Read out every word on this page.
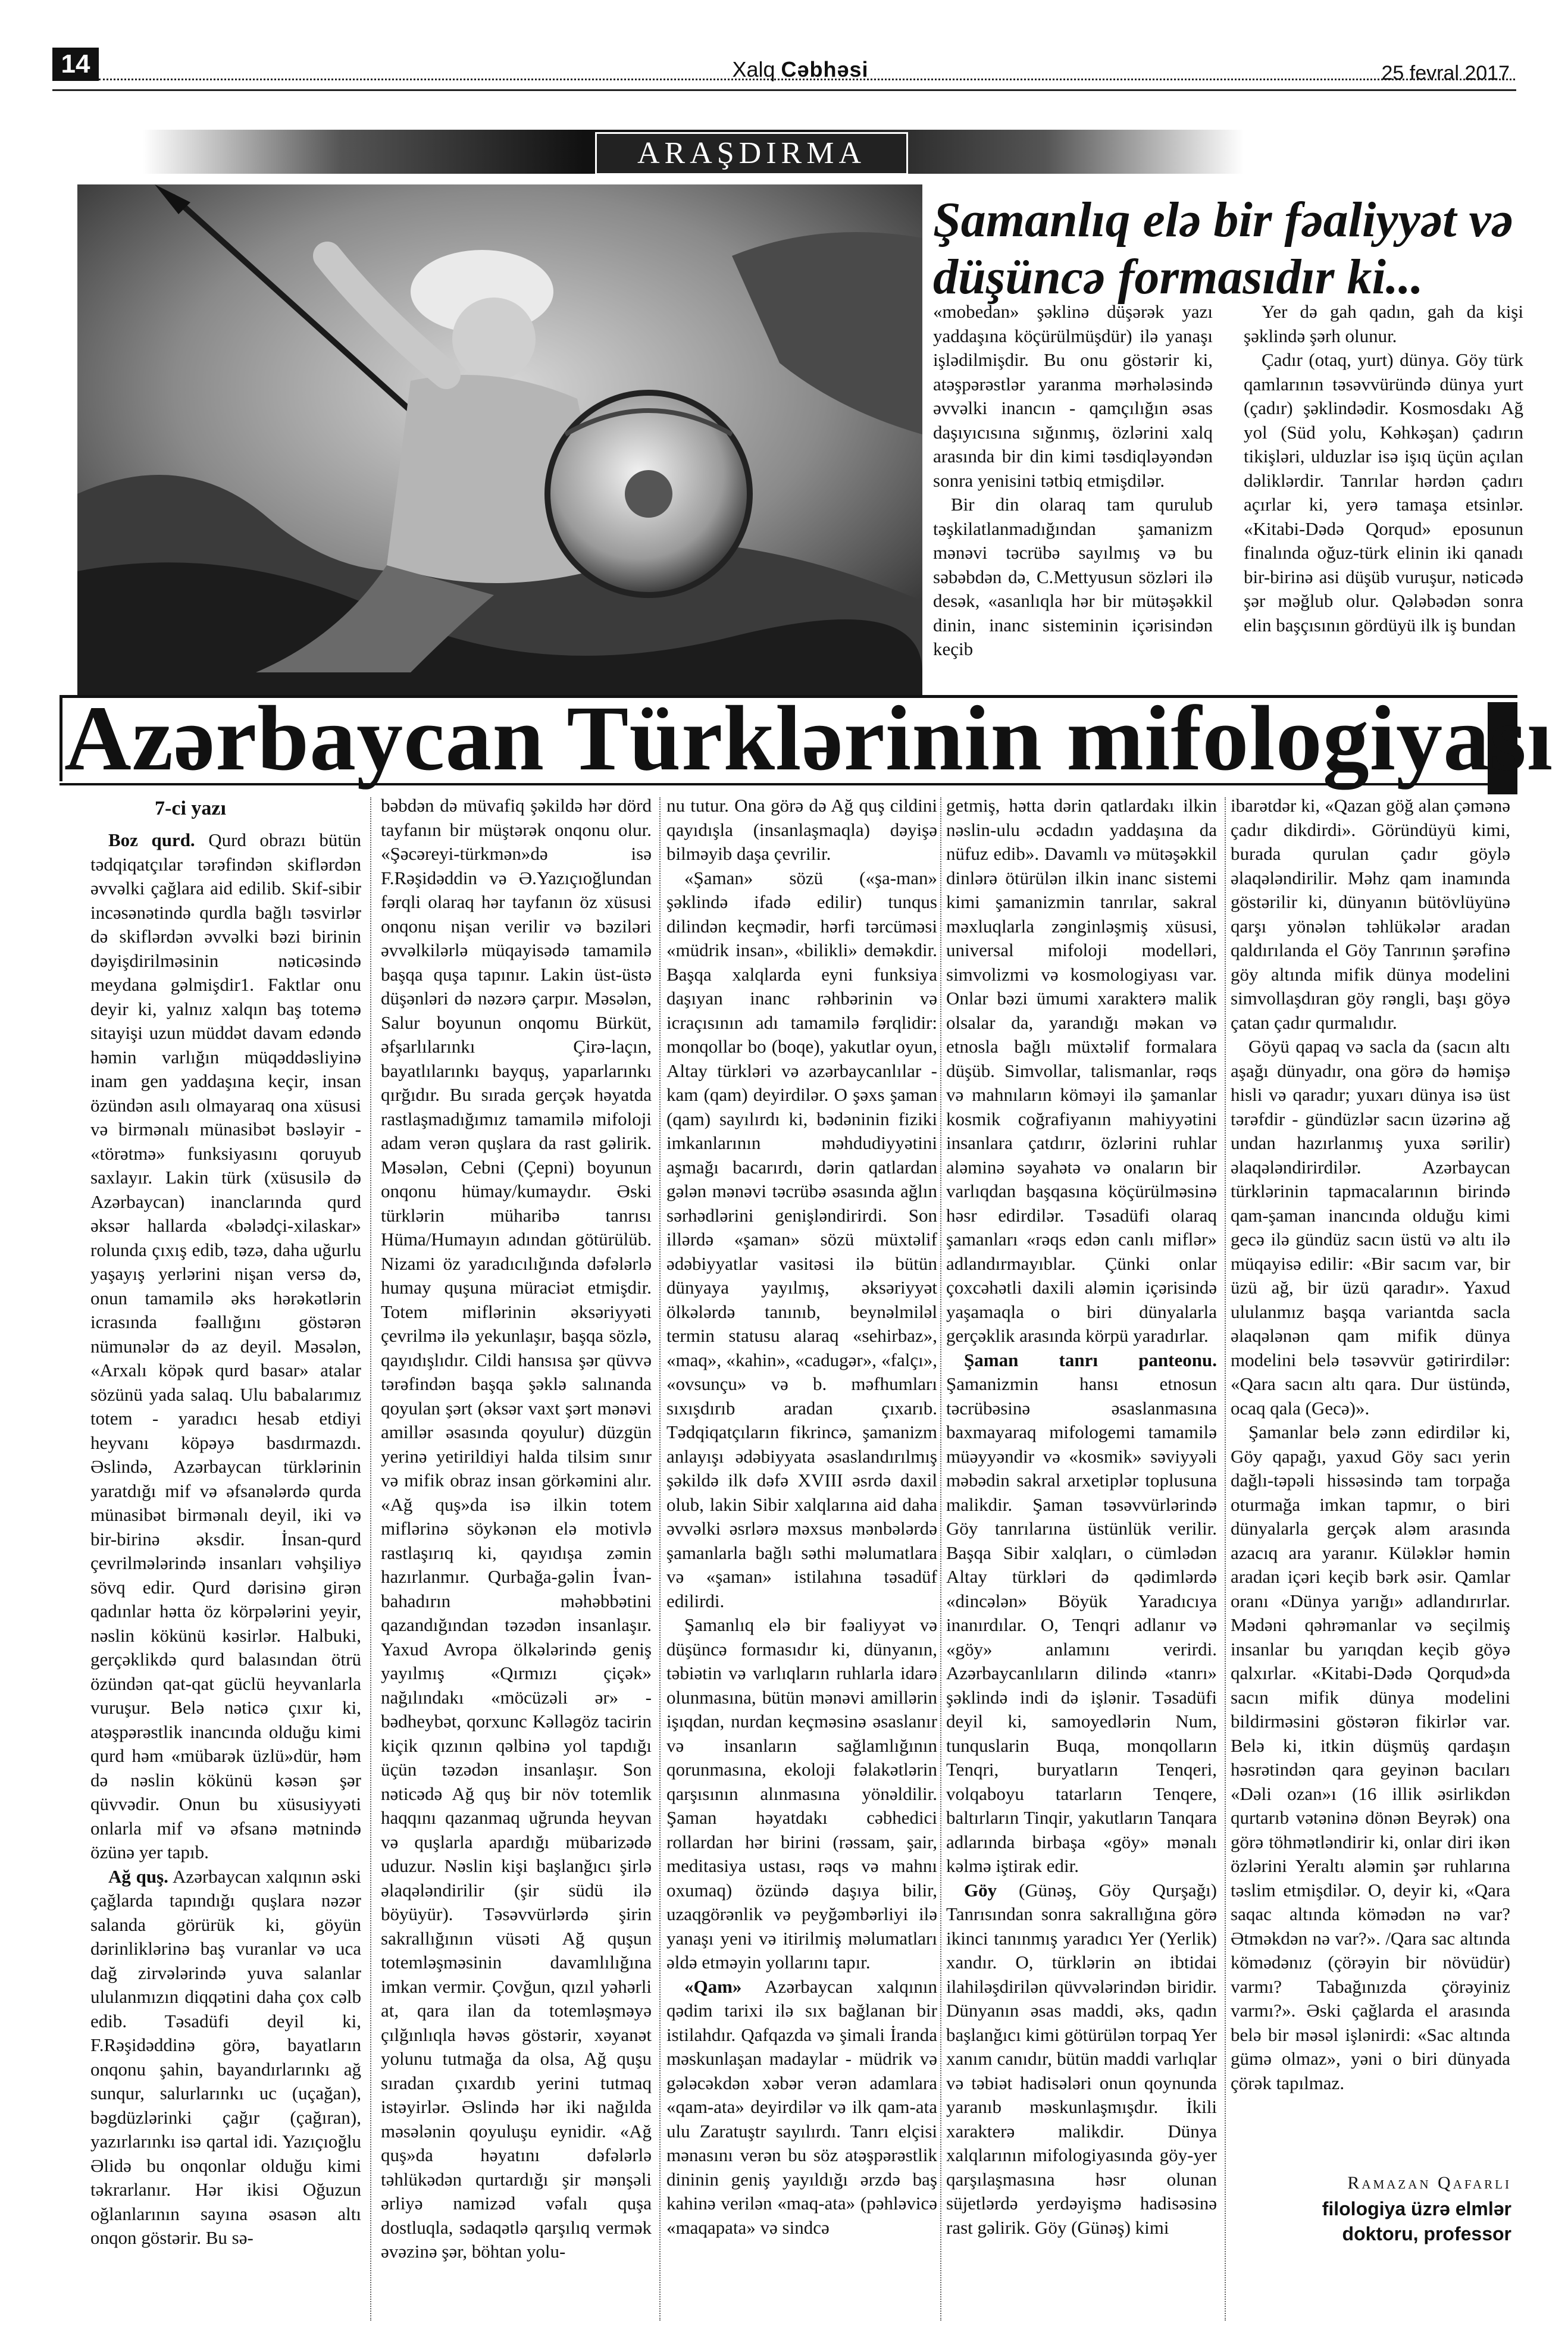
14	Xalq Cəbhəsi	25 fevral 2017
ARAŞDIRMA
Şamanlıq elə bir fəaliyyət və düşüncə formasıdır ki...

«mobedan» şəklinə düşərək yazı yaddaşına köçürülmüşdür) ilə yanaşı işlədilmişdir. Bu onu göstərir ki, atəşpərəstlər yaranma mərhələsində əvvəlki inancın - qamçılığın əsas daşıyıcısına sığınmış, özlərini xalq arasında bir din kimi təsdiqləyəndən sonra yenisini tətbiq etmişdilər.

Bir din olaraq tam qurulub təşkilatlanmadığından şamanizm mənəvi təcrübə sayılmış və bu səbəbdən də, C.Mettyusun sözləri ilə desək, «asanlıqla hər bir mütəşəkkil dinin, inanc sisteminin içərisindən keçib

Yer də gah qadın, gah da kişi şəklində şərh olunur.

Çadır (otaq, yurt) dünya. Göy türk qamlarının təsəvvüründə dünya yurt (çadır) şəklindədir. Kosmosdakı Ağ yol (Süd yolu, Kəhkəşan) çadırın tikişləri, ulduzlar isə işıq üçün açılan dəliklərdir. Tanrılar hərdən çadırı açırlar ki, yerə tamaşa etsinlər. «Kitabi-Dədə Qorqud» eposunun finalında oğuz-türk elinin iki qanadı bir-birinə asi düşüb vuruşur, nəticədə şər məğlub olur. Qələbədən sonra elin başçısının gördüyü ilk iş bundan

Azərbaycan Türklərinin mifologiyası
7-ci yazı

Boz qurd. Qurd obrazı bütün tədqiqatçılar tərəfindən skiflərdən əvvəlki çağlara aid edilib. Skif-sibir incəsənətində qurdla bağlı təsvirlər də skiflərdən əvvəlki bəzi birinin dəyişdirilməsinin nəticəsində meydana gəlmişdir1. Faktlar onu deyir ki, yalnız xalqın baş totemə sitayişi uzun müddət davam edəndə həmin varlığın müqəddəsliyinə inam gen yaddaşına keçir, insan özündən asılı olmayaraq ona xüsusi və birmənalı münasibət bəsləyir - «törətmə» funksiyasını qoruyub saxlayır. Lakin türk (xüsusilə də Azərbaycan) inanclarında qurd əksər hallarda «bələdçi-xilaskar» rolunda çıxış edib, təzə, daha uğurlu yaşayış yerlərini nişan versə də, onun tamamilə əks hərəkətlərin icrasında fəallığını göstərən nümunələr də az deyil. Məsələn, «Arxalı köpək qurd basar» atalar sözünü yada salaq. Ulu babalarımız totem - yaradıcı hesab etdiyi heyvanı köpəyə basdırmazdı. Əslində, Azərbaycan türklərinin yaratdığı mif və əfsanələrdə qurda münasibət birmənalı deyil, iki və bir-birinə əksdir. İnsan-qurd çevrilmələrində insanları vəhşiliyə sövq edir. Qurd dərisinə girən qadınlar hətta öz körpələrini yeyir, nəslin kökünü kəsirlər. Halbuki, gerçəklikdə qurd balasından ötrü özündən qat-qat güclü heyvanlarla vuruşur. Belə nəticə çıxır ki, atəşpərəstlik inancında olduğu kimi qurd həm «mübarək üzlü»dür, həm də nəslin kökünü kəsən şər qüvvədir. Onun bu xüsusiyyəti onlarla mif və əfsanə mətnində özünə yer tapıb.

Ağ quş. Azərbaycan xalqının əski çağlarda tapındığı quşlara nəzər salanda görürük ki, göyün dərinliklərinə baş vuranlar və uca dağ zirvələrində yuva salanlar ululanmızın diqqətini daha çox cəlb edib. Təsadüfi deyil ki, F.Rəşidəddinə görə, bayatların onqonu şahin, bayandırlarınkı ağ sunqur, salurlarınkı uc (uçağan), bəgdüzlərinki çağır (çağıran), yazırlarınkı isə qartal idi. Yazıçıoğlu Əlidə bu onqonlar olduğu kimi təkrarlanır. Hər ikisi Oğuzun oğlanlarının sayına əsasən altı onqon göstərir. Bu sə-

bəbdən də müvafiq şəkildə hər dörd tayfanın bir müştərək onqonu olur. «Şəcəreyi-türkmən»də isə F.Rəşidəddin və Ə.Yazıçıoğlundan fərqli olaraq hər tayfanın öz xüsusi onqonu nişan verilir və bəziləri əvvəlkilərlə müqayisədə tamamilə başqa quşa tapınır. Lakin üst-üstə düşənləri də nəzərə çarpır. Məsələn, Salur boyunun onqomu Bürküt, əfşarlılarınkı Çirə-laçın, bayatlılarınkı bayquş, yaparlarınkı qırğıdır. Bu sırada gerçək həyatda rastlaşmadığımız tamamilə mifoloji adam verən quşlara da rast gəlirik. Məsələn, Cebni (Çepni) boyunun onqonu hümay/kumaydır. Əski türklərin müharibə tanrısı Hüma/Humayın adından götürülüb. Nizami öz yaradıcılığında dəfələrlə humay quşuna müraciət etmişdir. Totem miflərinin əksəriyyəti çevrilmə ilə yekunlaşır, başqa sözlə, qayıdışlıdır. Cildi hansısa şər qüvvə tərəfindən başqa şəklə salınanda qoyulan şərt (əksər vaxt şərt mənəvi amillər əsasında qoyulur) düzgün yerinə yetirildiyi halda tilsim sınır və mifik obraz insan görkəmini alır. «Ağ quş»da isə ilkin totem miflərinə söykənən elə motivlə rastlaşırıq ki, qayıdışa zəmin hazırlanmır. Qurbağa-gəlin İvan-bahadırın məhəbbətini qazandığından təzədən insanlaşır. Yaxud Avropa ölkələrində geniş yayılmış «Qırmızı çiçək» nağılındakı «möcüzəli ər» - bədheybət, qorxunc Kəlləgöz tacirin kiçik qızının qəlbinə yol tapdığı üçün təzədən insanlaşır. Son nəticədə Ağ quş bir növ totemlik haqqını qazanmaq uğrunda heyvan və quşlarla apardığı mübarizədə uduzur. Nəslin kişi başlanğıcı şirlə əlaqələndirilir (şir südü ilə böyüyür). Təsəvvürlərdə şirin sakrallığının vüsəti Ağ quşun totemləşməsinin davamlılığına imkan vermir. Çovğun, qızıl yəhərli at, qara ilan da totemləşməyə çılğınlıqla həvəs göstərir, xəyanət yolunu tutmağa da olsa, Ağ quşu sıradan çıxardıb yerini tutmaq istəyirlər. Əslində hər iki nağılda məsələnin qoyuluşu eynidir. «Ağ quş»da həyatını dəfələrlə təhlükədən qurtardığı şir mənşəli ərliyə namizəd vəfalı quşa dostluqla, sədaqətlə qarşılıq vermək əvəzinə şər, böhtan yolu-

nu tutur. Ona görə də Ağ quş cildini qayıdışla (insanlaşmaqla) dəyişə bilməyib daşa çevrilir.

«Şaman» sözü («şa-man» şəklində ifadə edilir) tunqus dilindən keçmədir, hərfi tərcüməsi «müdrik insan», «bilikli» deməkdir. Başqa xalqlarda eyni funksiya daşıyan inanc rəhbərinin və icraçısının adı tamamilə fərqlidir: monqollar bo (boqe), yakutlar oyun, Altay türkləri və azərbaycanlılar - kam (qam) deyirdilər. O şəxs şaman (qam) sayılırdı ki, bədəninin fiziki imkanlarının məhdudiyyətini aşmağı bacarırdı, dərin qatlardan gələn mənəvi təcrübə əsasında ağlın sərhədlərini genişləndirirdi. Son illərdə «şaman» sözü müxtəlif ədəbiyyatlar vasitəsi ilə bütün dünyaya yayılmış, əksəriyyət ölkələrdə tanınıb, beynəlmiləl termin statusu alaraq «sehirbaz», «maq», «kahin», «cadugər», «falçı», «ovsunçu» və b. məfhumları sıxışdırıb aradan çıxarıb. Tədqiqatçıların fikrincə, şamanizm anlayışı ədəbiyyata əsaslandırılmış şəkildə ilk dəfə XVIII əsrdə daxil olub, lakin Sibir xalqlarına aid daha əvvəlki əsrlərə məxsus mənbələrdə şamanlarla bağlı səthi məlumatlara və «şaman» istilahına təsadüf edilirdi.

Şamanlıq elə bir fəaliyyət və düşüncə formasıdır ki, dünyanın, təbiətin və varlıqların ruhlarla idarə olunmasına, bütün mənəvi amillərin işıqdan, nurdan keçməsinə əsaslanır və insanların sağlamlığının qorunmasına, ekoloji fəlakətlərin qarşısının alınmasına yönəldilir. Şaman həyatdakı cəbhedici rollardan hər birini (rəssam, şair, meditasiya ustası, rəqs və mahnı oxumaq) özündə daşıya bilir, uzaqgörənlik və peyğəmbərliyi ilə yanaşı yeni və itirilmiş məlumatları əldə etməyin yollarını tapır.

«Qam» Azərbaycan xalqının qədim tarixi ilə sıx bağlanan bir istilahdır. Qafqazda və şimali İranda məskunlaşan madaylar - müdrik və gələcəkdən xəbər verən adamlara «qam-ata» deyirdilər və ilk qam-ata ulu Zaratuştr sayılırdı. Tanrı elçisi mənasını verən bu söz atəşpərəstlik dininin geniş yayıldığı ərzdə baş kahinə verilən «maq-ata» (pəhləvicə «maqapata» və sindcə

getmiş, hətta dərin qatlardakı ilkin nəslin-ulu əcdadın yaddaşına da nüfuz edib». Davamlı və mütəşəkkil dinlərə ötürülən ilkin inanc sistemi kimi şamanizmin tanrılar, sakral məxluqlarla zənginləşmiş xüsusi, universal mifoloji modelləri, simvolizmi və kosmologiyası var. Onlar bəzi ümumi xarakterə malik olsalar da, yarandığı məkan və etnosla bağlı müxtəlif formalara düşüb. Simvollar, talismanlar, rəqs və mahnıların köməyi ilə şamanlar kosmik coğrafiyanın mahiyyətini insanlara çatdırır, özlərini ruhlar aləminə səyahətə və onaların bir varlıqdan başqasına köçürülməsinə həsr edirdilər. Təsadüfi olaraq şamanları «rəqs edən canlı miflər» adlandırmayıblar. Çünki onlar çoxcəhətli daxili aləmin içərisində yaşamaqla o biri dünyalarla gerçəklik arasında körpü yaradırlar.

Şaman tanrı panteonu. Şamanizmin hansı etnosun təcrübəsinə əsaslanmasına baxmayaraq mifologemi tamamilə müəyyəndir və «kosmik» səviyyəli məbədin sakral arxetiplər toplusuna malikdir. Şaman təsəvvürlərində Göy tanrılarına üstünlük verilir. Başqa Sibir xalqları, o cümlədən Altay türkləri də qədimlərdə «dincələn» Böyük Yaradıcıya inanırdılar. O, Tenqri adlanır və «göy» anlamını verirdi. Azərbaycanlıların dilində «tanrı» şəklində indi də işlənir. Təsadüfi deyil ki, samoyedlərin Num, tunquslarin Buqa, monqolların Tenqri, buryatların Tenqeri, volqaboyu tatarların Tenqere, baltırların Tinqir, yakutların Tanqara adlarında birbaşa «göy» mənalı kəlmə iştirak edir.

Göy (Günəş, Göy Qurşağı) Tanrısından sonra sakrallığına görə ikinci tanınmış yaradıcı Yer (Yerlik) xandır. O, türklərin ən ibtidai ilahiləşdirilən qüvvələrindən biridir. Dünyanın əsas maddi, əks, qadın başlanğıcı kimi götürülən torpaq Yer xanım canıdır, bütün maddi varlıqlar və təbiət hadisələri onun qoynunda yaranıb məskunlaşmışdır. İkili xarakterə malikdir. Dünya xalqlarının mifologiyasında göy-yer qarşılaşmasına həsr olunan süjetlərdə yerdəyişmə hadisəsinə rast gəlirik. Göy (Günəş) kimi

ibarətdər ki, «Qazan göğ alan çəmənə çadır dikdirdi». Göründüyü kimi, burada qurulan çadır göylə əlaqələndirilir. Məhz qam inamında göstərilir ki, dünyanın bütövlüyünə qarşı yönələn təhlükələr aradan qaldırılanda el Göy Tanrının şərəfinə göy altında mifik dünya modelini simvollaşdıran göy rəngli, başı göyə çatan çadır qurmalıdır.

Göyü qapaq və sacla da (sacın altı aşağı dünyadır, ona görə də həmişə hisli və qaradır; yuxarı dünya isə üst tərəfdir - gündüzlər sacın üzərinə ağ undan hazırlanmış yuxa sərilir) əlaqələndirirdilər. Azərbaycan türklərinin tapmacalarının birində qam-şaman inancında olduğu kimi gecə ilə gündüz sacın üstü və altı ilə müqayisə edilir: «Bir sacım var, bir üzü ağ, bir üzü qaradır». Yaxud ululanmız başqa variantda sacla əlaqələnən qam mifik dünya modelini belə təsəvvür gətirirdilər: «Qara sacın altı qara. Dur üstündə, ocaq qala (Gecə)».

Şamanlar belə zənn edirdilər ki, Göy qapağı, yaxud Göy sacı yerin dağlı-təpəli hissəsində tam torpağa oturmağa imkan tapmır, o biri dünyalarla gerçək aləm arasında azacıq ara yaranır. Küləklər həmin aradan içəri keçib bərk əsir. Qamlar oranı «Dünya yarığı» adlandırırlar. Mədəni qəhrəmanlar və seçilmiş insanlar bu yarıqdan keçib göyə qalxırlar. «Kitabi-Dədə Qorqud»da sacın mifik dünya modelini bildirməsini göstərən fikirlər var. Belə ki, itkin düşmüş qardaşın həsrətindən qara geyinən bacıları «Dəli ozan»ı (16 illik əsirlikdən qurtarıb vətəninə dönən Beyrək) ona görə töhmətləndirir ki, onlar diri ikən özlərini Yeraltı aləmin şər ruhlarına təslim etmişdilər. O, deyir ki, «Qara saqac altında kömədən nə var? Ətməkdən nə var?». /Qara sac altında kömədənız (çörəyin bir növüdür) varmı? Tabağınızda çörəyiniz varmı?». Əski çağlarda el arasında belə bir məsəl işlənirdi: «Sac altında gümə olmaz», yəni o biri dünyada çörək tapılmaz.

Ramazan Qafarlı
filologiya üzrə elmlər
doktoru, professor
